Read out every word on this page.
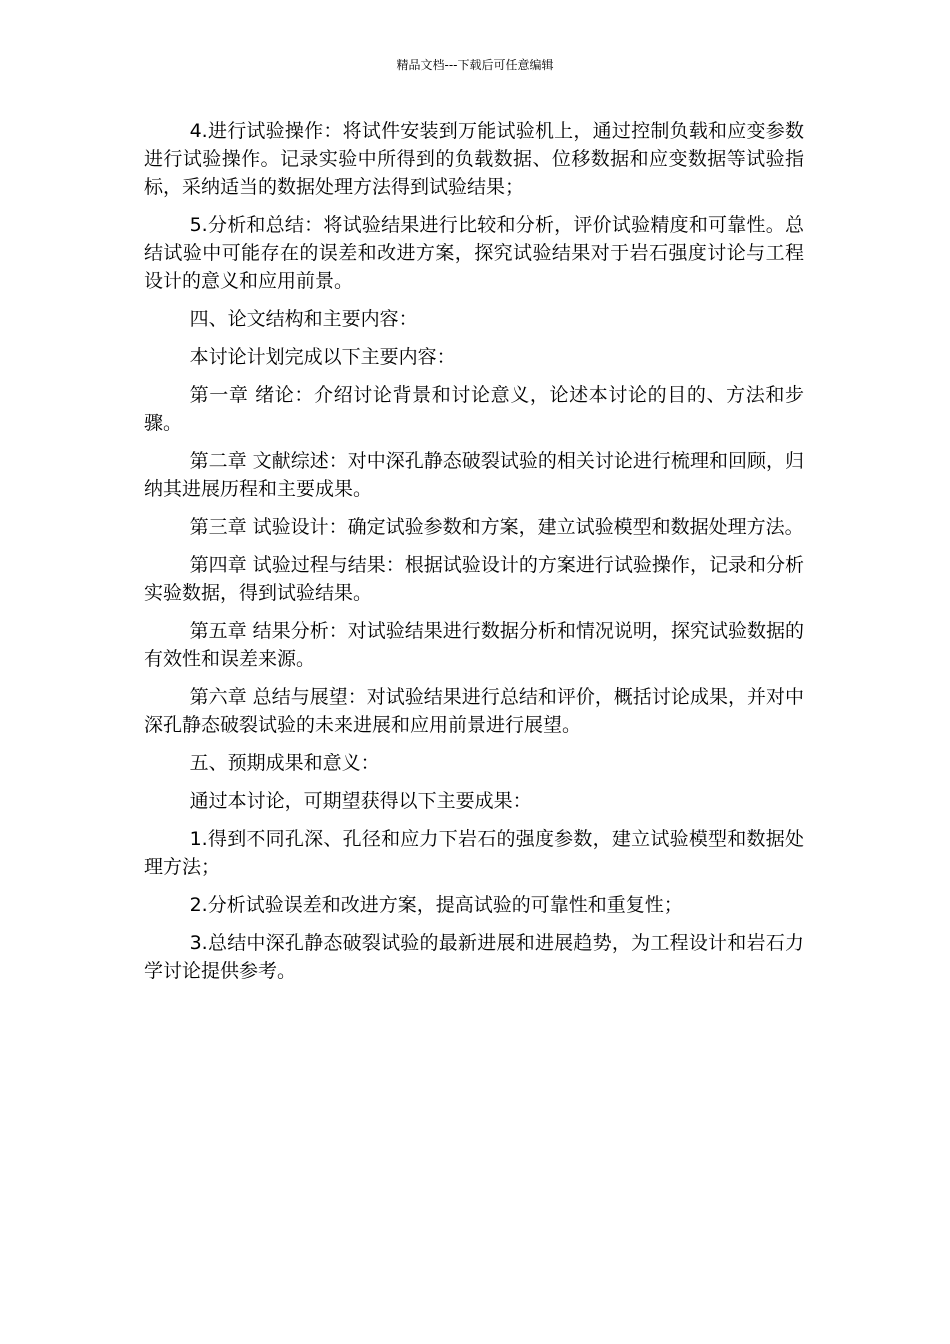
精品文档---下载后可任意编辑

4.进行试验操作：将试件安装到万能试验机上，通过控制负载和应变参数进行试验操作。记录实验中所得到的负载数据、位移数据和应变数据等试验指标，采纳适当的数据处理方法得到试验结果；

5.分析和总结：将试验结果进行比较和分析，评价试验精度和可靠性。总结试验中可能存在的误差和改进方案，探究试验结果对于岩石强度讨论与工程设计的意义和应用前景。

四、论文结构和主要内容：

本讨论计划完成以下主要内容：

第一章 绪论：介绍讨论背景和讨论意义，论述本讨论的目的、方法和步骤。

第二章 文献综述：对中深孔静态破裂试验的相关讨论进行梳理和回顾，归纳其进展历程和主要成果。

第三章 试验设计：确定试验参数和方案，建立试验模型和数据处理方法。

第四章 试验过程与结果：根据试验设计的方案进行试验操作，记录和分析实验数据，得到试验结果。

第五章 结果分析：对试验结果进行数据分析和情况说明，探究试验数据的有效性和误差来源。

第六章 总结与展望：对试验结果进行总结和评价，概括讨论成果，并对中深孔静态破裂试验的未来进展和应用前景进行展望。

五、预期成果和意义：

通过本讨论，可期望获得以下主要成果：

1.得到不同孔深、孔径和应力下岩石的强度参数，建立试验模型和数据处理方法；

2.分析试验误差和改进方案，提高试验的可靠性和重复性；

3.总结中深孔静态破裂试验的最新进展和进展趋势，为工程设计和岩石力学讨论提供参考。
